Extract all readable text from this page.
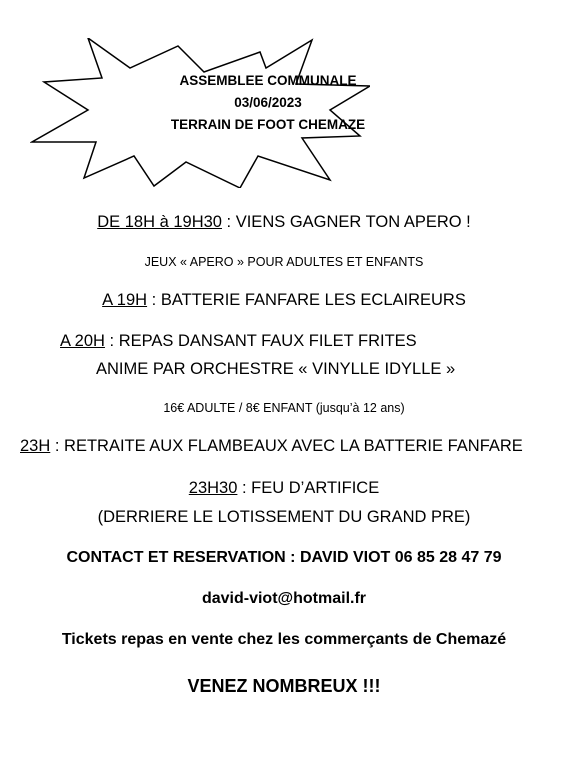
ASSEMBLEE COMMUNALE
03/06/2023
TERRAIN DE FOOT CHEMAZE
DE 18H à 19H30 : VIENS GAGNER TON APERO !
JEUX « APERO » POUR ADULTES ET ENFANTS
A 19H : BATTERIE FANFARE LES ECLAIREURS
A 20H : REPAS DANSANT FAUX FILET FRITES
ANIME PAR ORCHESTRE « VINYLLE IDYLLE »
16€ ADULTE / 8€ ENFANT (jusqu’à 12 ans)
23H : RETRAITE AUX FLAMBEAUX AVEC LA BATTERIE FANFARE
23H30 : FEU D’ARTIFICE
(DERRIERE LE LOTISSEMENT DU GRAND PRE)
CONTACT ET RESERVATION : DAVID VIOT 06 85 28 47 79
david-viot@hotmail.fr
Tickets repas en vente chez les commerçants de Chemazé
VENEZ NOMBREUX !!!
